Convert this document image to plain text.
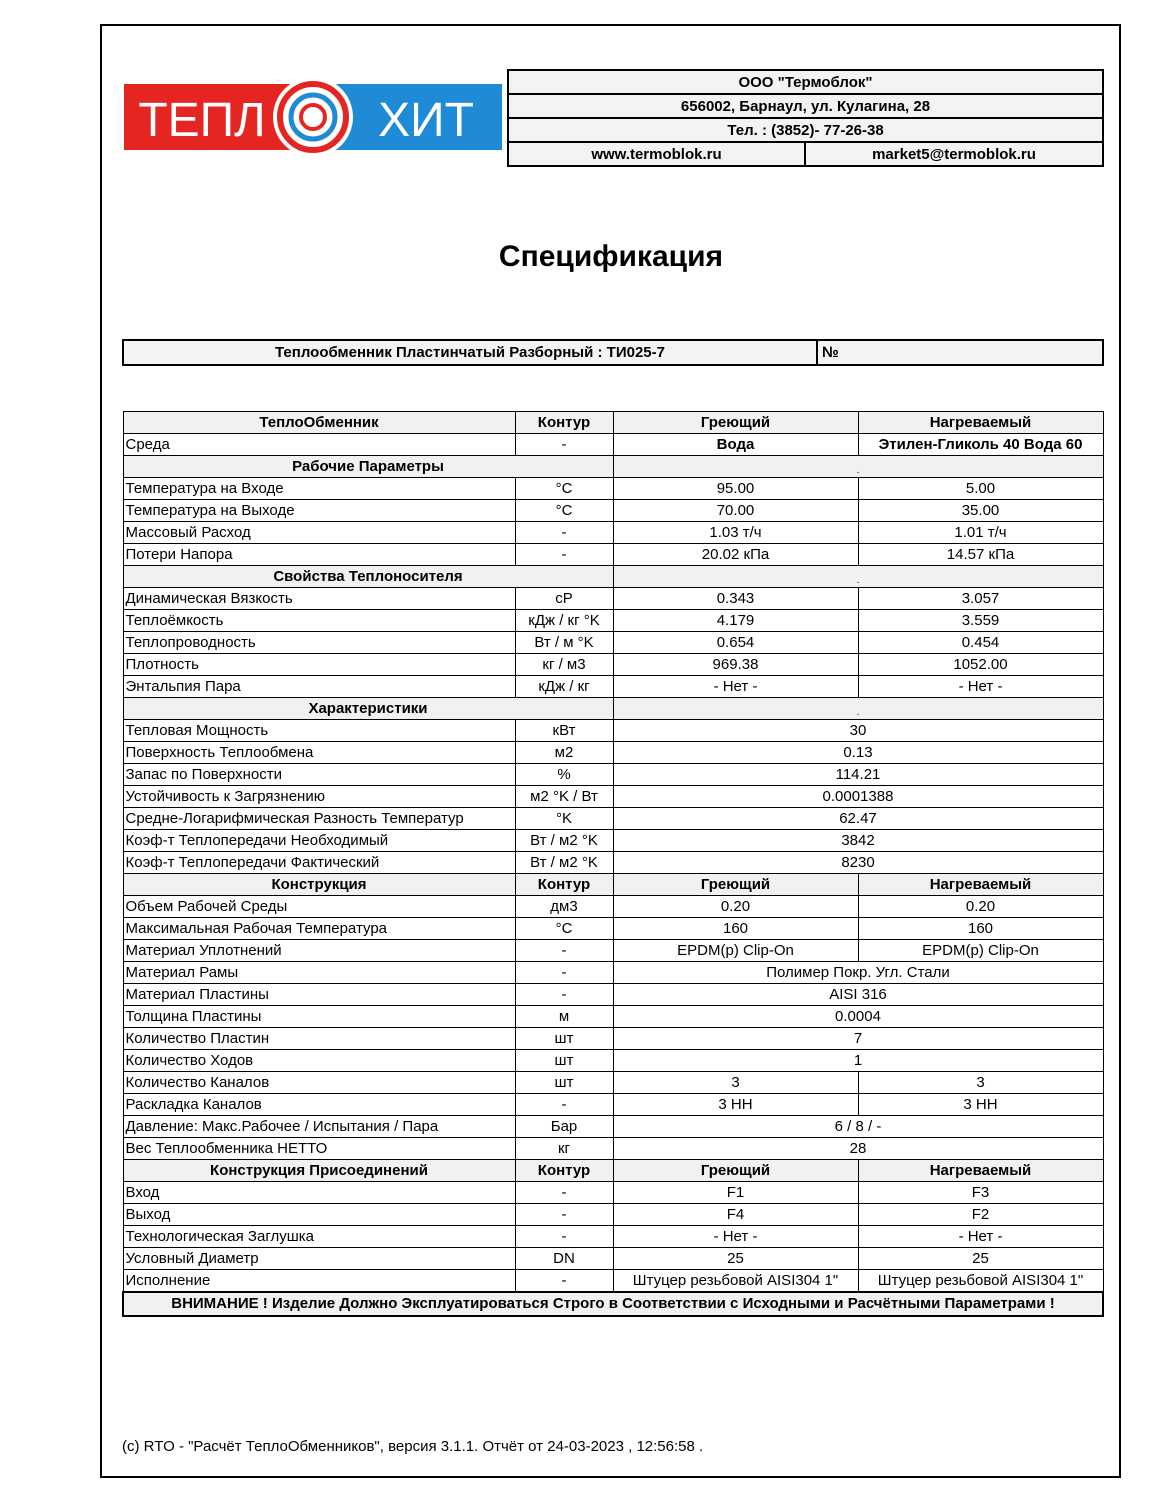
ТЕПЛ ХИТ
ООО "Термоблок"
656002, Барнаул, ул. Кулагина, 28
Тел. : (3852)- 77-26-38
www.termoblok.ru	market5@termoblok.ru
Спецификация
Теплообменник Пластинчатый Разборный : ТИ025-7	№
ТеплоОбменник	Контур	Греющий	Нагреваемый
Среда	-	Вода	Этилен-Гликоль 40 Вода 60
Рабочие Параметры		.	
Температура на Входе	°C	95.00	5.00
Температура на Выходе	°C	70.00	35.00
Массовый Расход	-	1.03 т/ч	1.01 т/ч
Потери Напора	-	20.02 кПа	14.57 кПа
Свойства Теплоносителя		.	
Динамическая Вязкость	cP	0.343	3.057
Теплоёмкость	кДж / кг °K	4.179	3.559
Теплопроводность	Вт / м °K	0.654	0.454
Плотность	кг / м3	969.38	1052.00
Энтальпия Пара	кДж / кг	- Нет -	- Нет -
Характеристики		.	
Тепловая Мощность	кВт	30	
Поверхность Теплообмена	м2	0.13	
Запас по Поверхности	%	114.21	
Устойчивость к Загрязнению	м2 °K / Вт	0.0001388	
Средне-Логарифмическая Разность Температур	°K	62.47	
Коэф-т Теплопередачи Необходимый	Вт / м2 °K	3842	
Коэф-т Теплопередачи Фактический	Вт / м2 °K	8230	
Конструкция	Контур	Греющий	Нагреваемый
Объем Рабочей Среды	дм3	0.20	0.20
Максимальная Рабочая Температура	°C	160	160
Материал Уплотнений	-	EPDM(p) Clip-On	EPDM(p) Clip-On
Материал Рамы	-	Полимер Покр. Угл. Стали	
Материал Пластины	-	AISI 316	
Толщина Пластины	м	0.0004	
Количество Пластин	шт	7	
Количество Ходов	шт	1	
Количество Каналов	шт	3	3
Раскладка Каналов	-	3 HH	3 HH
Давление: Макс.Рабочее / Испытания / Пара	Бар	6 / 8 / -	
Вес Теплообменника НЕТТО	кг	28	
Конструкция Присоединений	Контур	Греющий	Нагреваемый
Вход	-	F1	F3
Выход	-	F4	F2
Технологическая Заглушка	-	- Нет -	- Нет -
Условный Диаметр	DN	25	25
Исполнение	-	Штуцер резьбовой AISI304 1"	Штуцер резьбовой AISI304 1"
ВНИМАНИЕ ! Изделие Должно Эксплуатироваться Строго в Соответствии с Исходными и Расчётными Параметрами !			
(c) RTO - "Расчёт ТеплоОбменников", версия 3.1.1. Отчёт от 24-03-2023 , 12:56:58 .
